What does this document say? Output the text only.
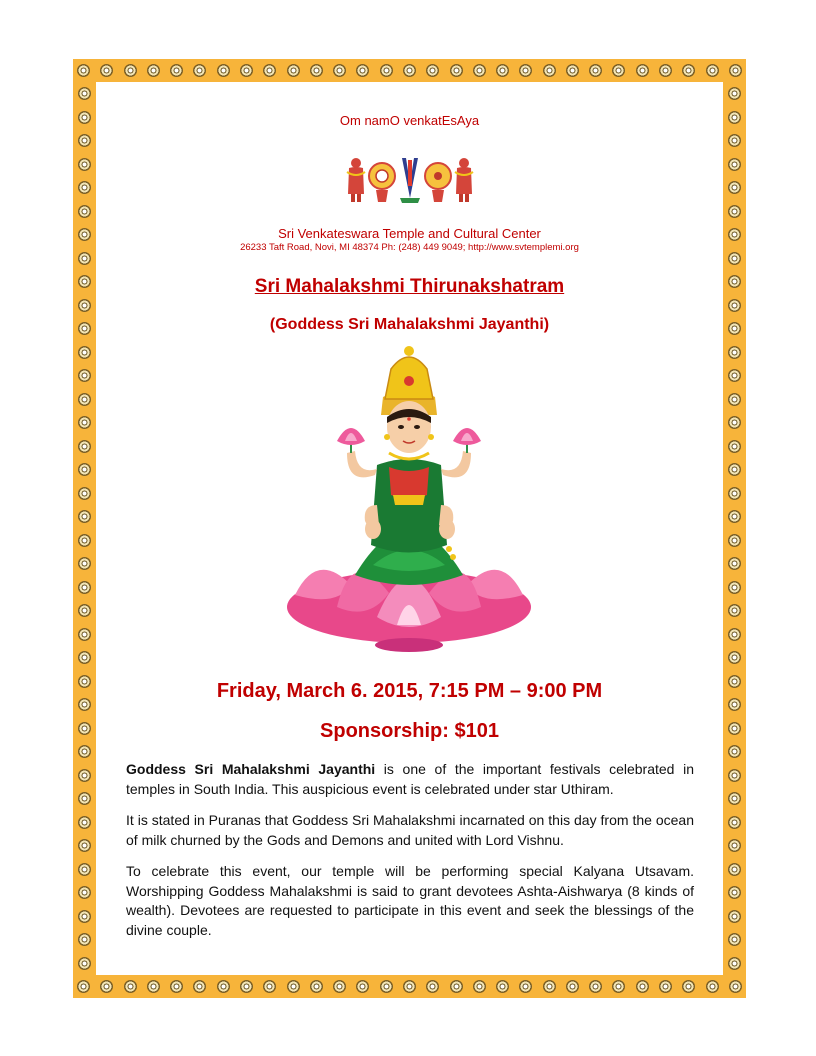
Om namO venkatEsAya
Sri Venkateswara Temple and Cultural Center
26233 Taft Road, Novi, MI 48374 Ph: (248) 449 9049; http://www.svtemplemi.org
Sri Mahalakshmi Thirunakshatram
(Goddess Sri Mahalakshmi Jayanthi)
Friday, March 6. 2015, 7:15 PM – 9:00 PM
Sponsorship: $101

Goddess Sri Mahalakshmi Jayanthi is one of the important festivals celebrated in temples in South India. This auspicious event is celebrated under star Uthiram.

It is stated in Puranas that Goddess Sri Mahalakshmi incarnated on this day from the ocean of milk churned by the Gods and Demons and united with Lord Vishnu.

To celebrate this event, our temple will be performing special Kalyana Utsavam. Worshipping Goddess Mahalakshmi is said to grant devotees Ashta-Aishwarya (8 kinds of wealth). Devotees are requested to participate in this event and seek the blessings of the divine couple.
